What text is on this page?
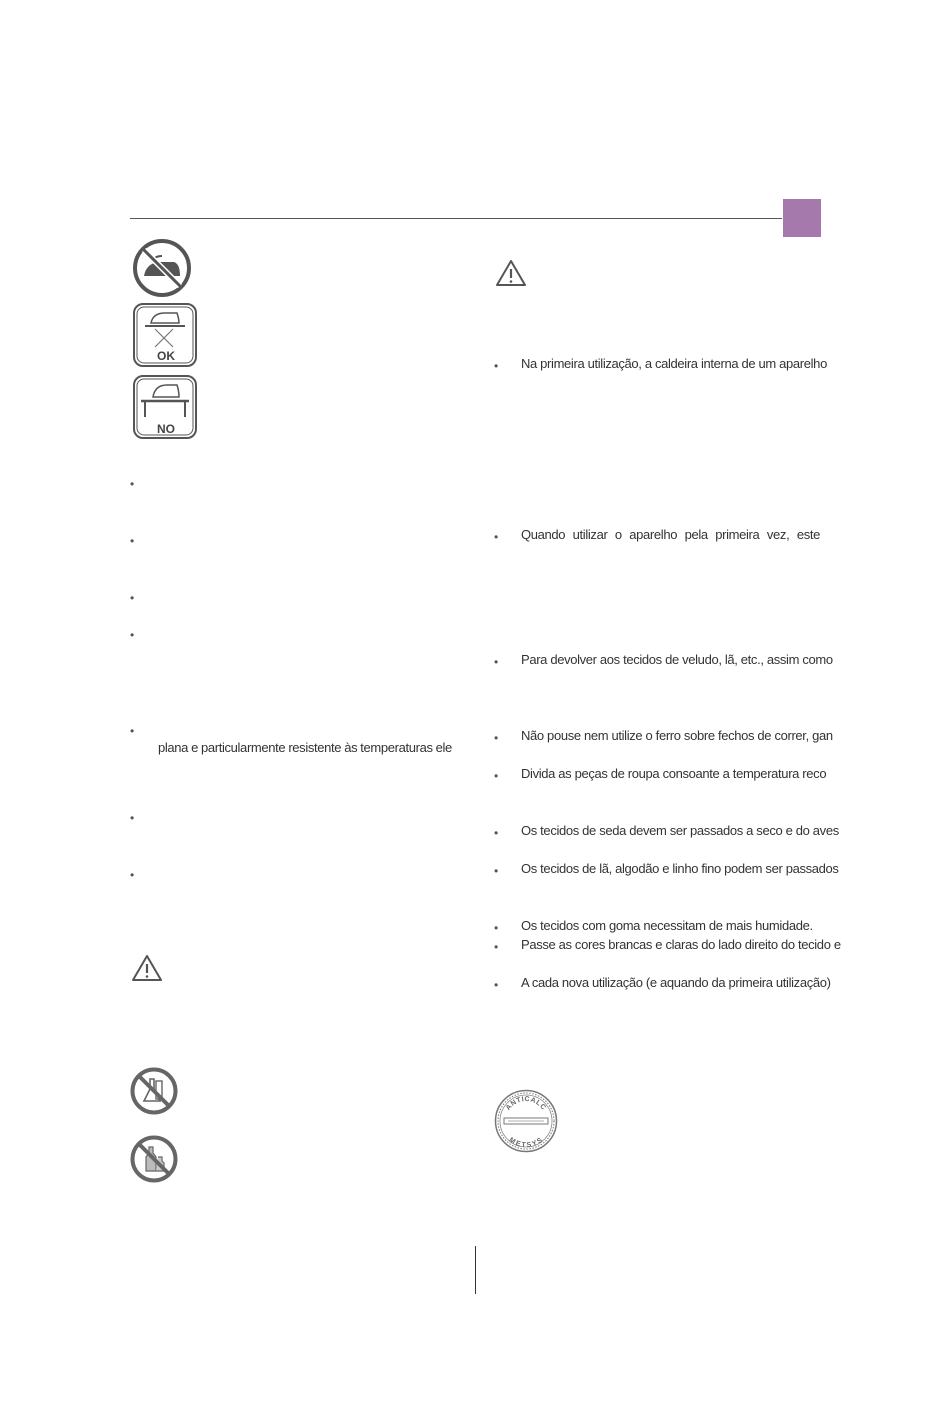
OK
NO
•
•
•
•
•
plana e particularmente resistente às temperaturas ele
•
•
• Na primeira utilização, a caldeira interna de um aparelho
• Quando utilizar o aparelho pela primeira vez, este
• Para devolver aos tecidos de veludo, lã, etc., assim como
• Não pouse nem utilize o ferro sobre fechos de correr, gan
• Divida as peças de roupa consoante a temperatura reco
• Os tecidos de seda devem ser passados a seco e do aves
• Os tecidos de lã, algodão e linho fino podem ser passados
• Os tecidos com goma necessitam de mais humidade.
• Passe as cores brancas e claras do lado direito do tecido e
• A cada nova utilização (e aquando da primeira utilização)
ANTICALC
METSYS
